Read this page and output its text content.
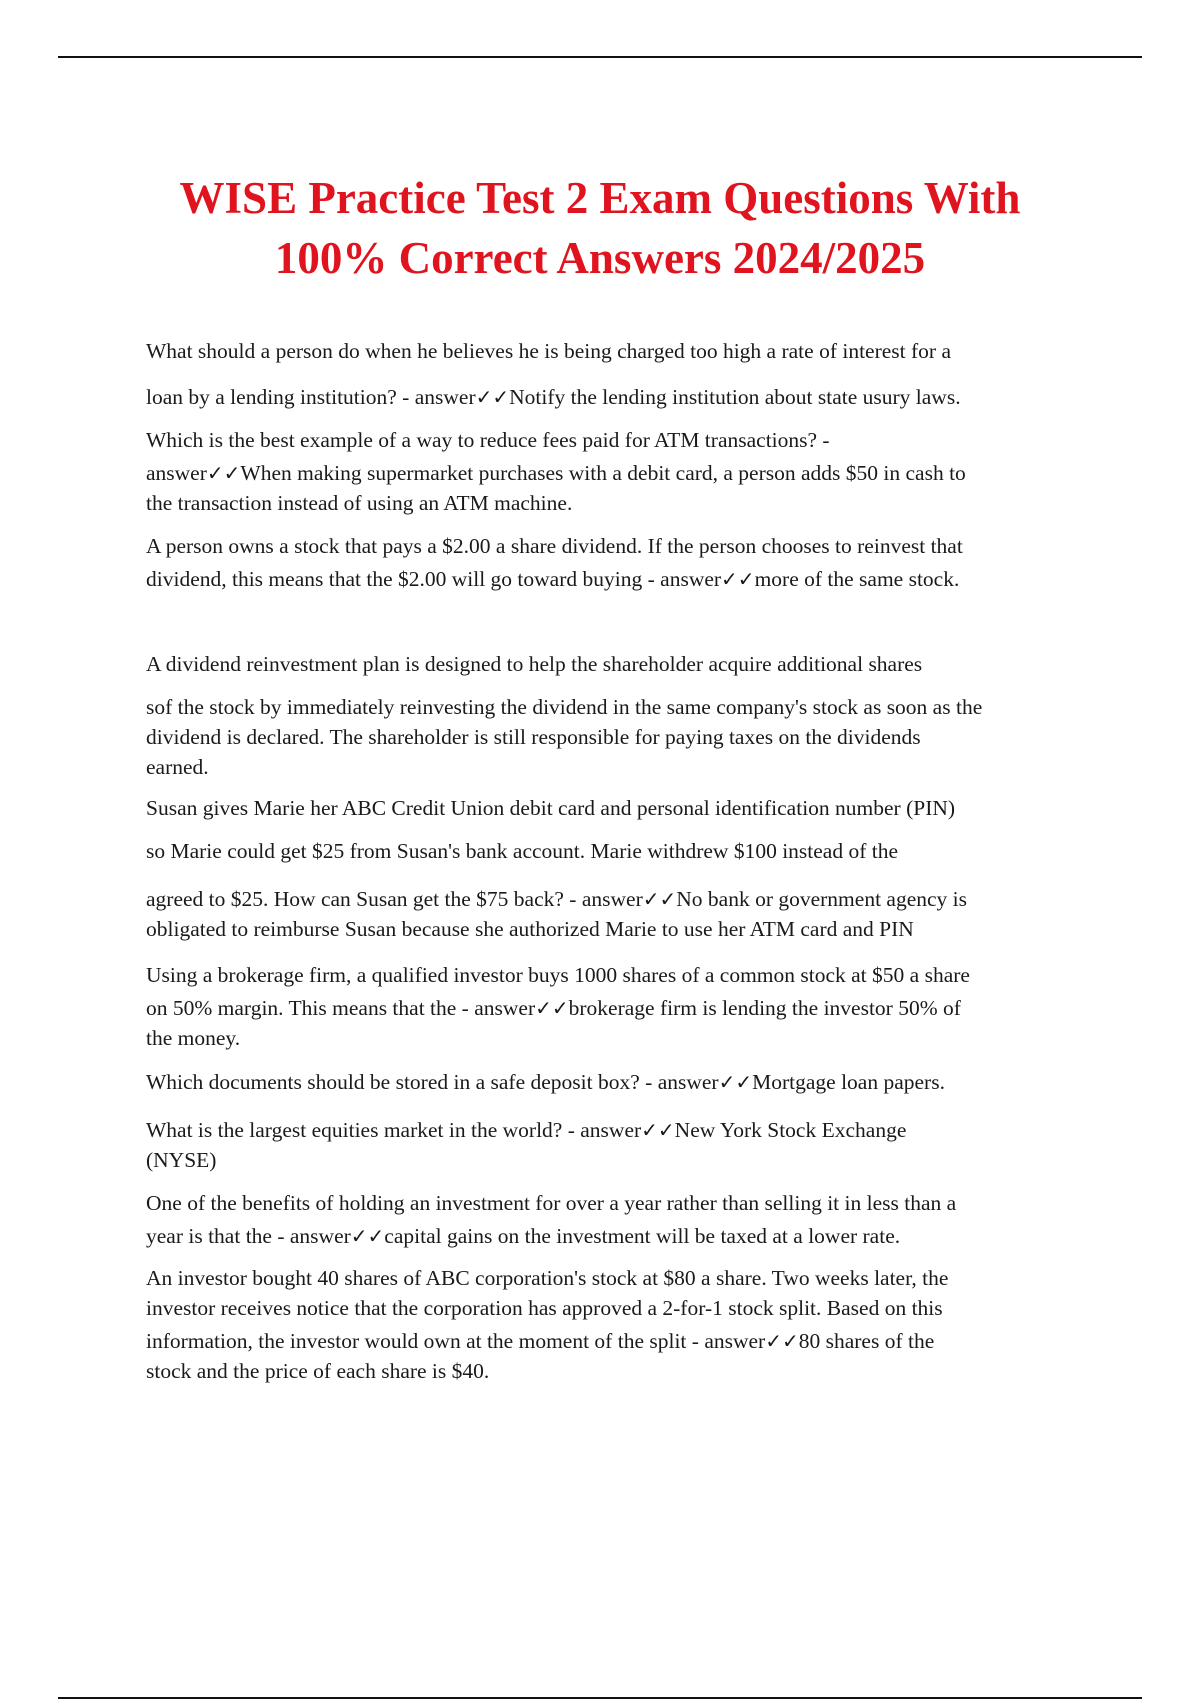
WISE Practice Test 2 Exam Questions With
100% Correct Answers 2024/2025
What should a person do when he believes he is being charged too high a rate of interest for a
loan by a lending institution? - answer✓✓Notify the lending institution about state usury laws.
Which is the best example of a way to reduce fees paid for ATM transactions? -
answer✓✓When making supermarket purchases with a debit card, a person adds $50 in cash to
the transaction instead of using an ATM machine.
A person owns a stock that pays a $2.00 a share dividend. If the person chooses to reinvest that
dividend, this means that the $2.00 will go toward buying - answer✓✓more of the same stock.
A dividend reinvestment plan is designed to help the shareholder acquire additional shares
sof the stock by immediately reinvesting the dividend in the same company's stock as soon as the
dividend is declared. The shareholder is still responsible for paying taxes on the dividends
earned.
Susan gives Marie her ABC Credit Union debit card and personal identification number (PIN)
so Marie could get $25 from Susan's bank account. Marie withdrew $100 instead of the
agreed to $25. How can Susan get the $75 back? - answer✓✓No bank or government agency is
obligated to reimburse Susan because she authorized Marie to use her ATM card and PIN
Using a brokerage firm, a qualified investor buys 1000 shares of a common stock at $50 a share
on 50% margin. This means that the - answer✓✓brokerage firm is lending the investor 50% of
the money.
Which documents should be stored in a safe deposit box? - answer✓✓Mortgage loan papers.
What is the largest equities market in the world? - answer✓✓New York Stock Exchange
(NYSE)
One of the benefits of holding an investment for over a year rather than selling it in less than a
year is that the - answer✓✓capital gains on the investment will be taxed at a lower rate.
An investor bought 40 shares of ABC corporation's stock at $80 a share. Two weeks later, the
investor receives notice that the corporation has approved a 2-for-1 stock split. Based on this
information, the investor would own at the moment of the split - answer✓✓80 shares of the
stock and the price of each share is $40.
